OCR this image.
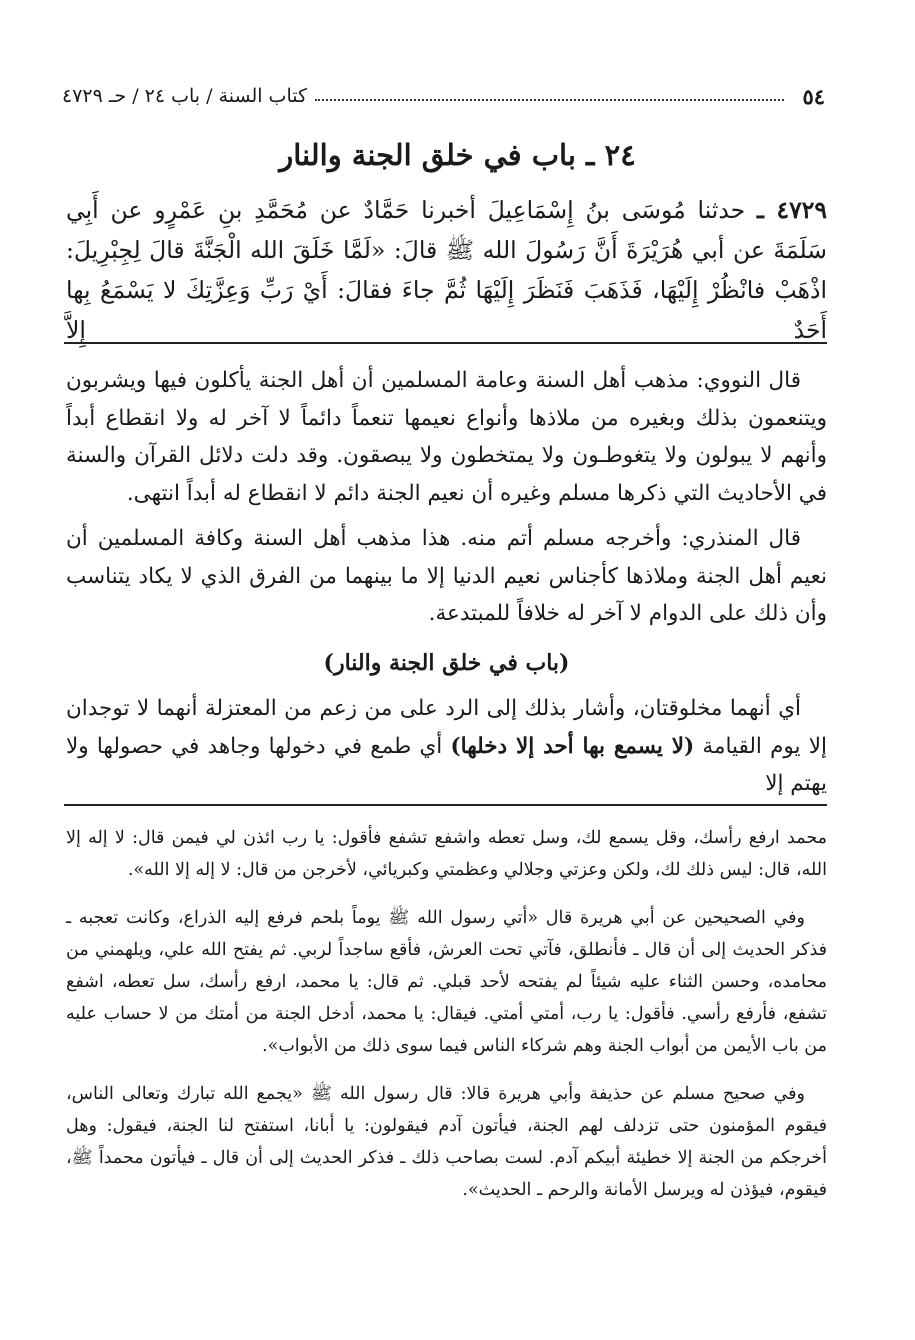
٥٤
كتاب السنة / باب ٢٤ / حـ ٤٧٢٩
٢٤ ـ باب في خلق الجنة والنار
٤٧٢٩ ـ حدثنا مُوسَى بنُ إِسْمَاعِيلَ أخبرنا حَمَّادٌ عن مُحَمَّدِ بنِ عَمْرٍو عن أَبِي سَلَمَةَ عن أبي هُرَيْرَةَ أَنَّ رَسُولَ الله ﷺ قالَ: «لَمَّا خَلَقَ الله الْجَنَّةَ قالَ لِجِبْرِيلَ: اذْهَبْ فانْظُرْ إِلَيْهَا، فَذَهَبَ فَنَظَرَ إِلَيْهَا ثُمَّ جاءَ فقالَ: أَيْ رَبِّ وَعِزَّتِكَ لا يَسْمَعُ بِها أَحَدٌ إِلاَّ

قال النووي: مذهب أهل السنة وعامة المسلمين أن أهل الجنة يأكلون فيها ويشربون ويتنعمون بذلك وبغيره من ملاذها وأنواع نعيمها تنعماً دائماً لا آخر له ولا انقطاع أبداً وأنهم لا يبولون ولا يتغوطـون ولا يمتخطون ولا يبصقون. وقد دلت دلائل القرآن والسنة في الأحاديث التي ذكرها مسلم وغيره أن نعيم الجنة دائم لا انقطاع له أبداً انتهى.

قال المنذري: وأخرجه مسلم أتم منه. هذا مذهب أهل السنة وكافة المسلمين أن نعيم أهل الجنة وملاذها كأجناس نعيم الدنيا إلا ما بينهما من الفرق الذي لا يكاد يتناسب وأن ذلك على الدوام لا آخر له خلافاً للمبتدعة.

(باب في خلق الجنة والنار)

أي أنهما مخلوقتان، وأشار بذلك إلى الرد على من زعم من المعتزلة أنهما لا توجدان إلا يوم القيامة (لا يسمع بها أحد إلا دخلها) أي طمع في دخولها وجاهد في حصولها ولا يهتم إلا

محمد ارفع رأسك، وقل يسمع لك، وسل تعطه واشفع تشفع فأقول: يا رب ائذن لي فيمن قال: لا إله إلا الله، قال: ليس ذلك لك، ولكن وعزتي وجلالي وعظمتي وكبريائي، لأخرجن من قال: لا إله إلا الله».

وفي الصحيحين عن أبي هريرة قال «أتي رسول الله ﷺ يوماً بلحم فرفع إليه الذراع، وكانت تعجبه ـ فذكر الحديث إلى أن قال ـ فأنطلق، فآتي تحت العرش، فأقع ساجداً لربي. ثم يفتح الله علي، ويلهمني من محامده، وحسن الثناء عليه شيئاً لم يفتحه لأحد قبلي. ثم قال: يا محمد، ارفع رأسك، سل تعطه، اشفع تشفع، فأرفع رأسي. فأقول: يا رب، أمتي أمتي. فيقال: يا محمد، أدخل الجنة من أمتك من لا حساب عليه من باب الأيمن من أبواب الجنة وهم شركاء الناس فيما سوى ذلك من الأبواب».

وفي صحيح مسلم عن حذيفة وأبي هريرة قالا: قال رسول الله ﷺ «يجمع الله تبارك وتعالى الناس، فيقوم المؤمنون حتى تزدلف لهم الجنة، فيأتون آدم فيقولون: يا أبانا، استفتح لنا الجنة، فيقول: وهل أخرجكم من الجنة إلا خطيئة أبيكم آدم. لست بصاحب ذلك ـ فذكر الحديث إلى أن قال ـ فيأتون محمداً ﷺ، فيقوم، فيؤذن له ويرسل الأمانة والرحم ـ الحديث».
